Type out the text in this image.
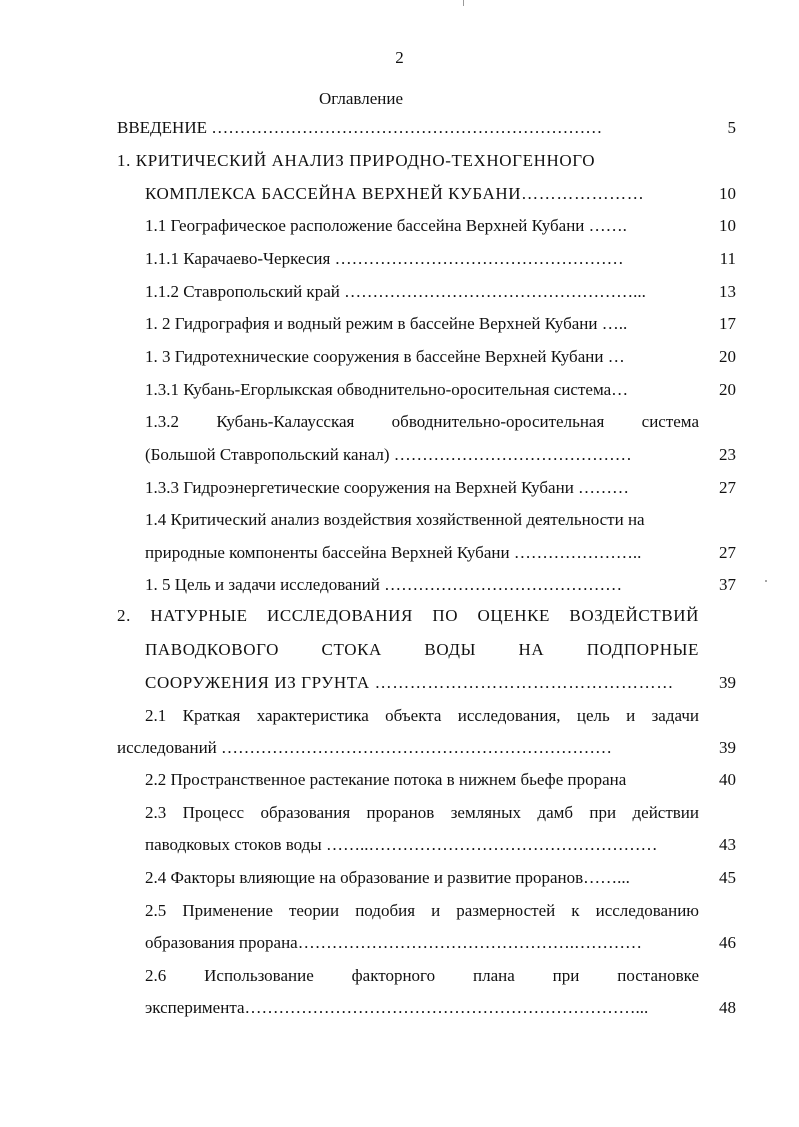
2
Оглавление
ВВЕДЕНИЕ ……………………………………………………………	5
1. КРИТИЧЕСКИЙ АНАЛИЗ ПРИРОДНО-ТЕХНОГЕННОГО
КОМПЛЕКСА БАССЕЙНА ВЕРХНЕЙ КУБАНИ…………………	10
1.1 Географическое расположение бассейна Верхней Кубани …….	10
1.1.1 Карачаево-Черкесия ……………………………………………	11
1.1.2 Ставропольский край ……………………………………………...	13
1. 2 Гидрография и водный режим в бассейне Верхней Кубани …..	17
1. 3 Гидротехнические сооружения в бассейне Верхней Кубани …	20
1.3.1 Кубань-Егорлыкская обводнительно-оросительная система…	20
1.3.2 Кубань-Калаусская обводнительно-оросительная система
(Большой Ставропольский канал) ……………………………………	23
1.3.3 Гидроэнергетические сооружения на Верхней Кубани ………	27
1.4 Критический анализ воздействия хозяйственной деятельности на
природные компоненты бассейна Верхней Кубани …………………..	27
1. 5 Цель и задачи исследований ……………………………………	37
2. НАТУРНЫЕ ИССЛЕДОВАНИЯ ПО ОЦЕНКЕ ВОЗДЕЙСТВИЙ
ПАВОДКОВОГО СТОКА ВОДЫ НА ПОДПОРНЫЕ
СООРУЖЕНИЯ ИЗ ГРУНТА ……………………………………………	39
2.1 Краткая характеристика объекта исследования, цель и задачи
исследований ……………………………………………………………	39
2.2 Пространственное растекание потока в нижнем бьефе прорана	40
2.3 Процесс образования проранов земляных дамб при действии
паводковых стоков воды ……..……………………………………………	43
2.4 Факторы влияющие на образование и развитие проранов……...	45
2.5 Применение теории подобия и размерностей к исследованию
образования прорана………………………………………….…………	46
2.6 Использование факторного плана при постановке
эксперимента……………………………………………………………...	48
